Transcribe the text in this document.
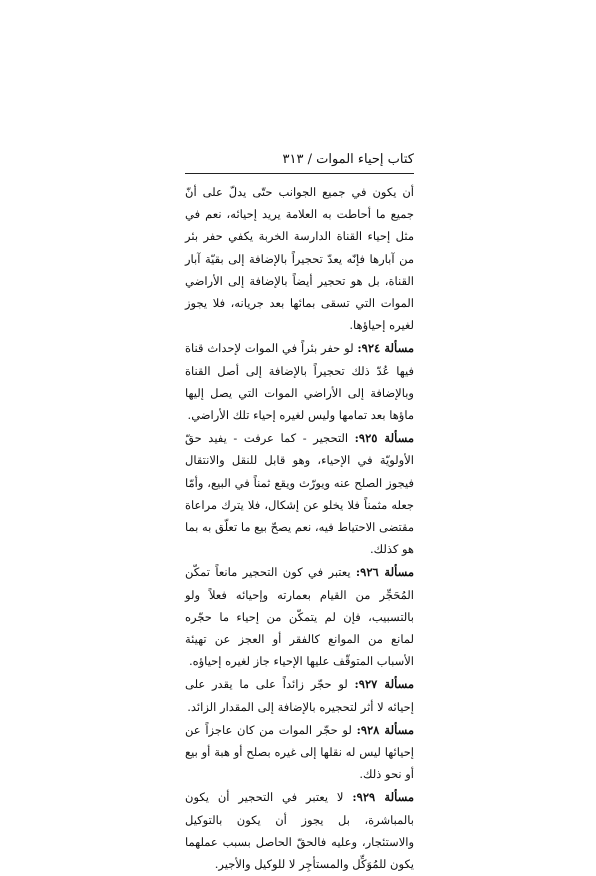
كتاب إحياء الموات / ٣١٣

أن يكون في جميع الجوانب حتّى يدلّ على أنّ جميع ما أحاطت به العلامة يريد إحيائه، نعم في مثل إحياء القناة الدارسة الخربة يكفي حفر بئر من آبارها فإنّه يعدّ تحجيراً بالإضافة إلى بقيّة آبار القناة، بل هو تحجير أيضاً بالإضافة إلى الأراضي الموات التي تسقى بمائها بعد جريانه، فلا يجوز لغيره إحياؤها.

مسألة ٩٢٤: لو حفر بئراً في الموات لإحداث قناة فيها عُدّ ذلك تحجيراً بالإضافة إلى أصل القناة وبالإضافة إلى الأراضي الموات التي يصل إليها ماؤها بعد تمامها وليس لغيره إحياء تلك الأراضي.

مسألة ٩٢٥: التحجير - كما عرفت - يفيد حقّ الأولويّة في الإحياء، وهو قابل للنقل والانتقال فيجوز الصلح عنه ويورّث ويقع ثمناً في البيع، وأمّا جعله مثمناً فلا يخلو عن إشكال، فلا يترك مراعاة مقتضى الاحتياط فيه، نعم يصحّ بيع ما تعلّق به بما هو كذلك.

مسألة ٩٢٦: يعتبر في كون التحجير مانعاً تمكّن المُحَجِّر من القيام بعمارته وإحيائه فعلاً ولو بالتسبيب، فإن لم يتمكّن من إحياء ما حجّره لمانع من الموانع كالفقر أو العجز عن تهيئة الأسباب المتوقّف عليها الإحياء جاز لغيره إحياؤه.

مسألة ٩٢٧: لو حجّر زائداً على ما يقدر على إحيائه لا أثر لتحجيره بالإضافة إلى المقدار الزائد.

مسألة ٩٢٨: لو حجّر الموات من كان عاجزاً عن إحيائها ليس له نقلها إلى غيره بصلح أو هبة أو بيع أو نحو ذلك.

مسألة ٩٢٩: لا يعتبر في التحجير أن يكون بالمباشرة، بل يجوز أن يكون بالتوكيل والاستئجار، وعليه فالحقّ الحاصل بسبب عملهما يكون للمُوَكِّل والمستأجِر لا للوكيل والأجير.
